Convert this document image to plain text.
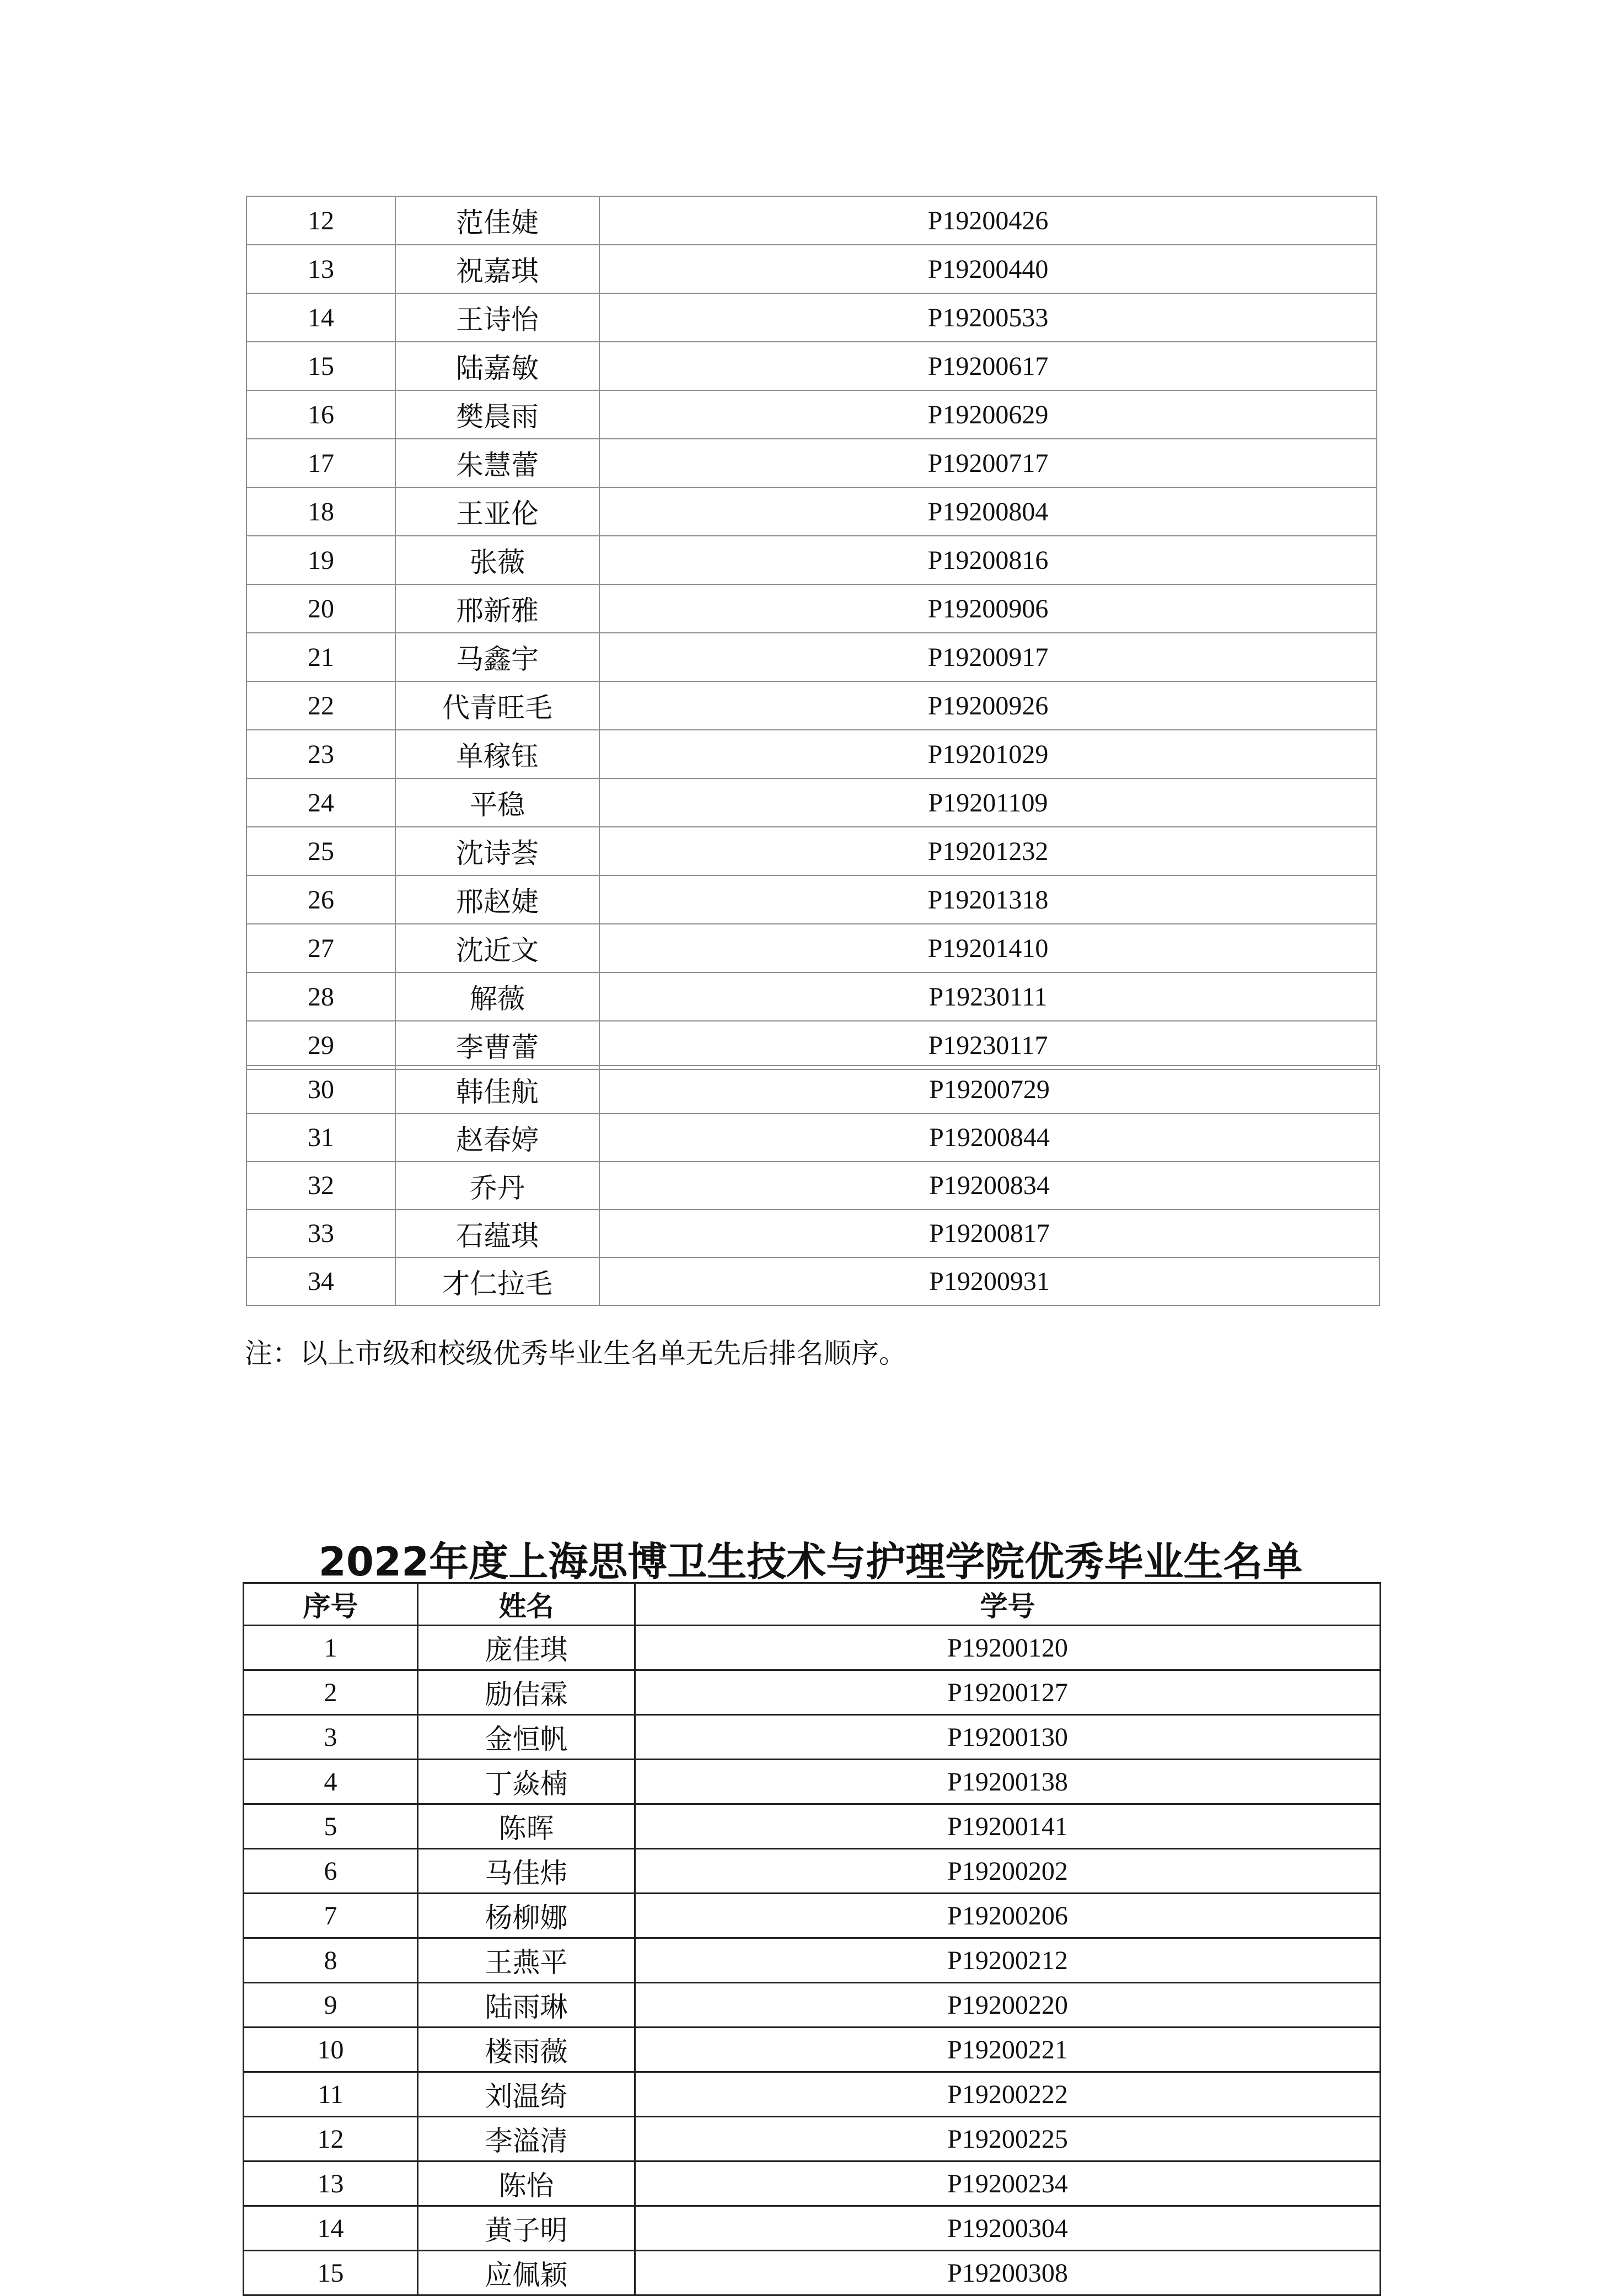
12	范佳婕	P19200426
13	祝嘉琪	P19200440
14	王诗怡	P19200533
15	陆嘉敏	P19200617
16	樊晨雨	P19200629
17	朱慧蕾	P19200717
18	王亚伦	P19200804
19	张薇	P19200816
20	邢新雅	P19200906
21	马鑫宇	P19200917
22	代青旺毛	P19200926
23	单稼钰	P19201029
24	平稳	P19201109
25	沈诗荟	P19201232
26	邢赵婕	P19201318
27	沈近文	P19201410
28	解薇	P19230111
29	李曹蕾	P19230117
30	韩佳航	P19200729
31	赵春婷	P19200844
32	乔丹	P19200834
33	石蕴琪	P19200817
34	才仁拉毛	P19200931
注：以上市级和校级优秀毕业生名单无先后排名顺序。
2022年度上海思博卫生技术与护理学院优秀毕业生名单
序号	姓名	学号
1	庞佳琪	P19200120
2	励佶霖	P19200127
3	金恒帆	P19200130
4	丁焱楠	P19200138
5	陈晖	P19200141
6	马佳炜	P19200202
7	杨柳娜	P19200206
8	王燕平	P19200212
9	陆雨琳	P19200220
10	楼雨薇	P19200221
11	刘温绮	P19200222
12	李溢清	P19200225
13	陈怡	P19200234
14	黄子明	P19200304
15	应佩颖	P19200308
